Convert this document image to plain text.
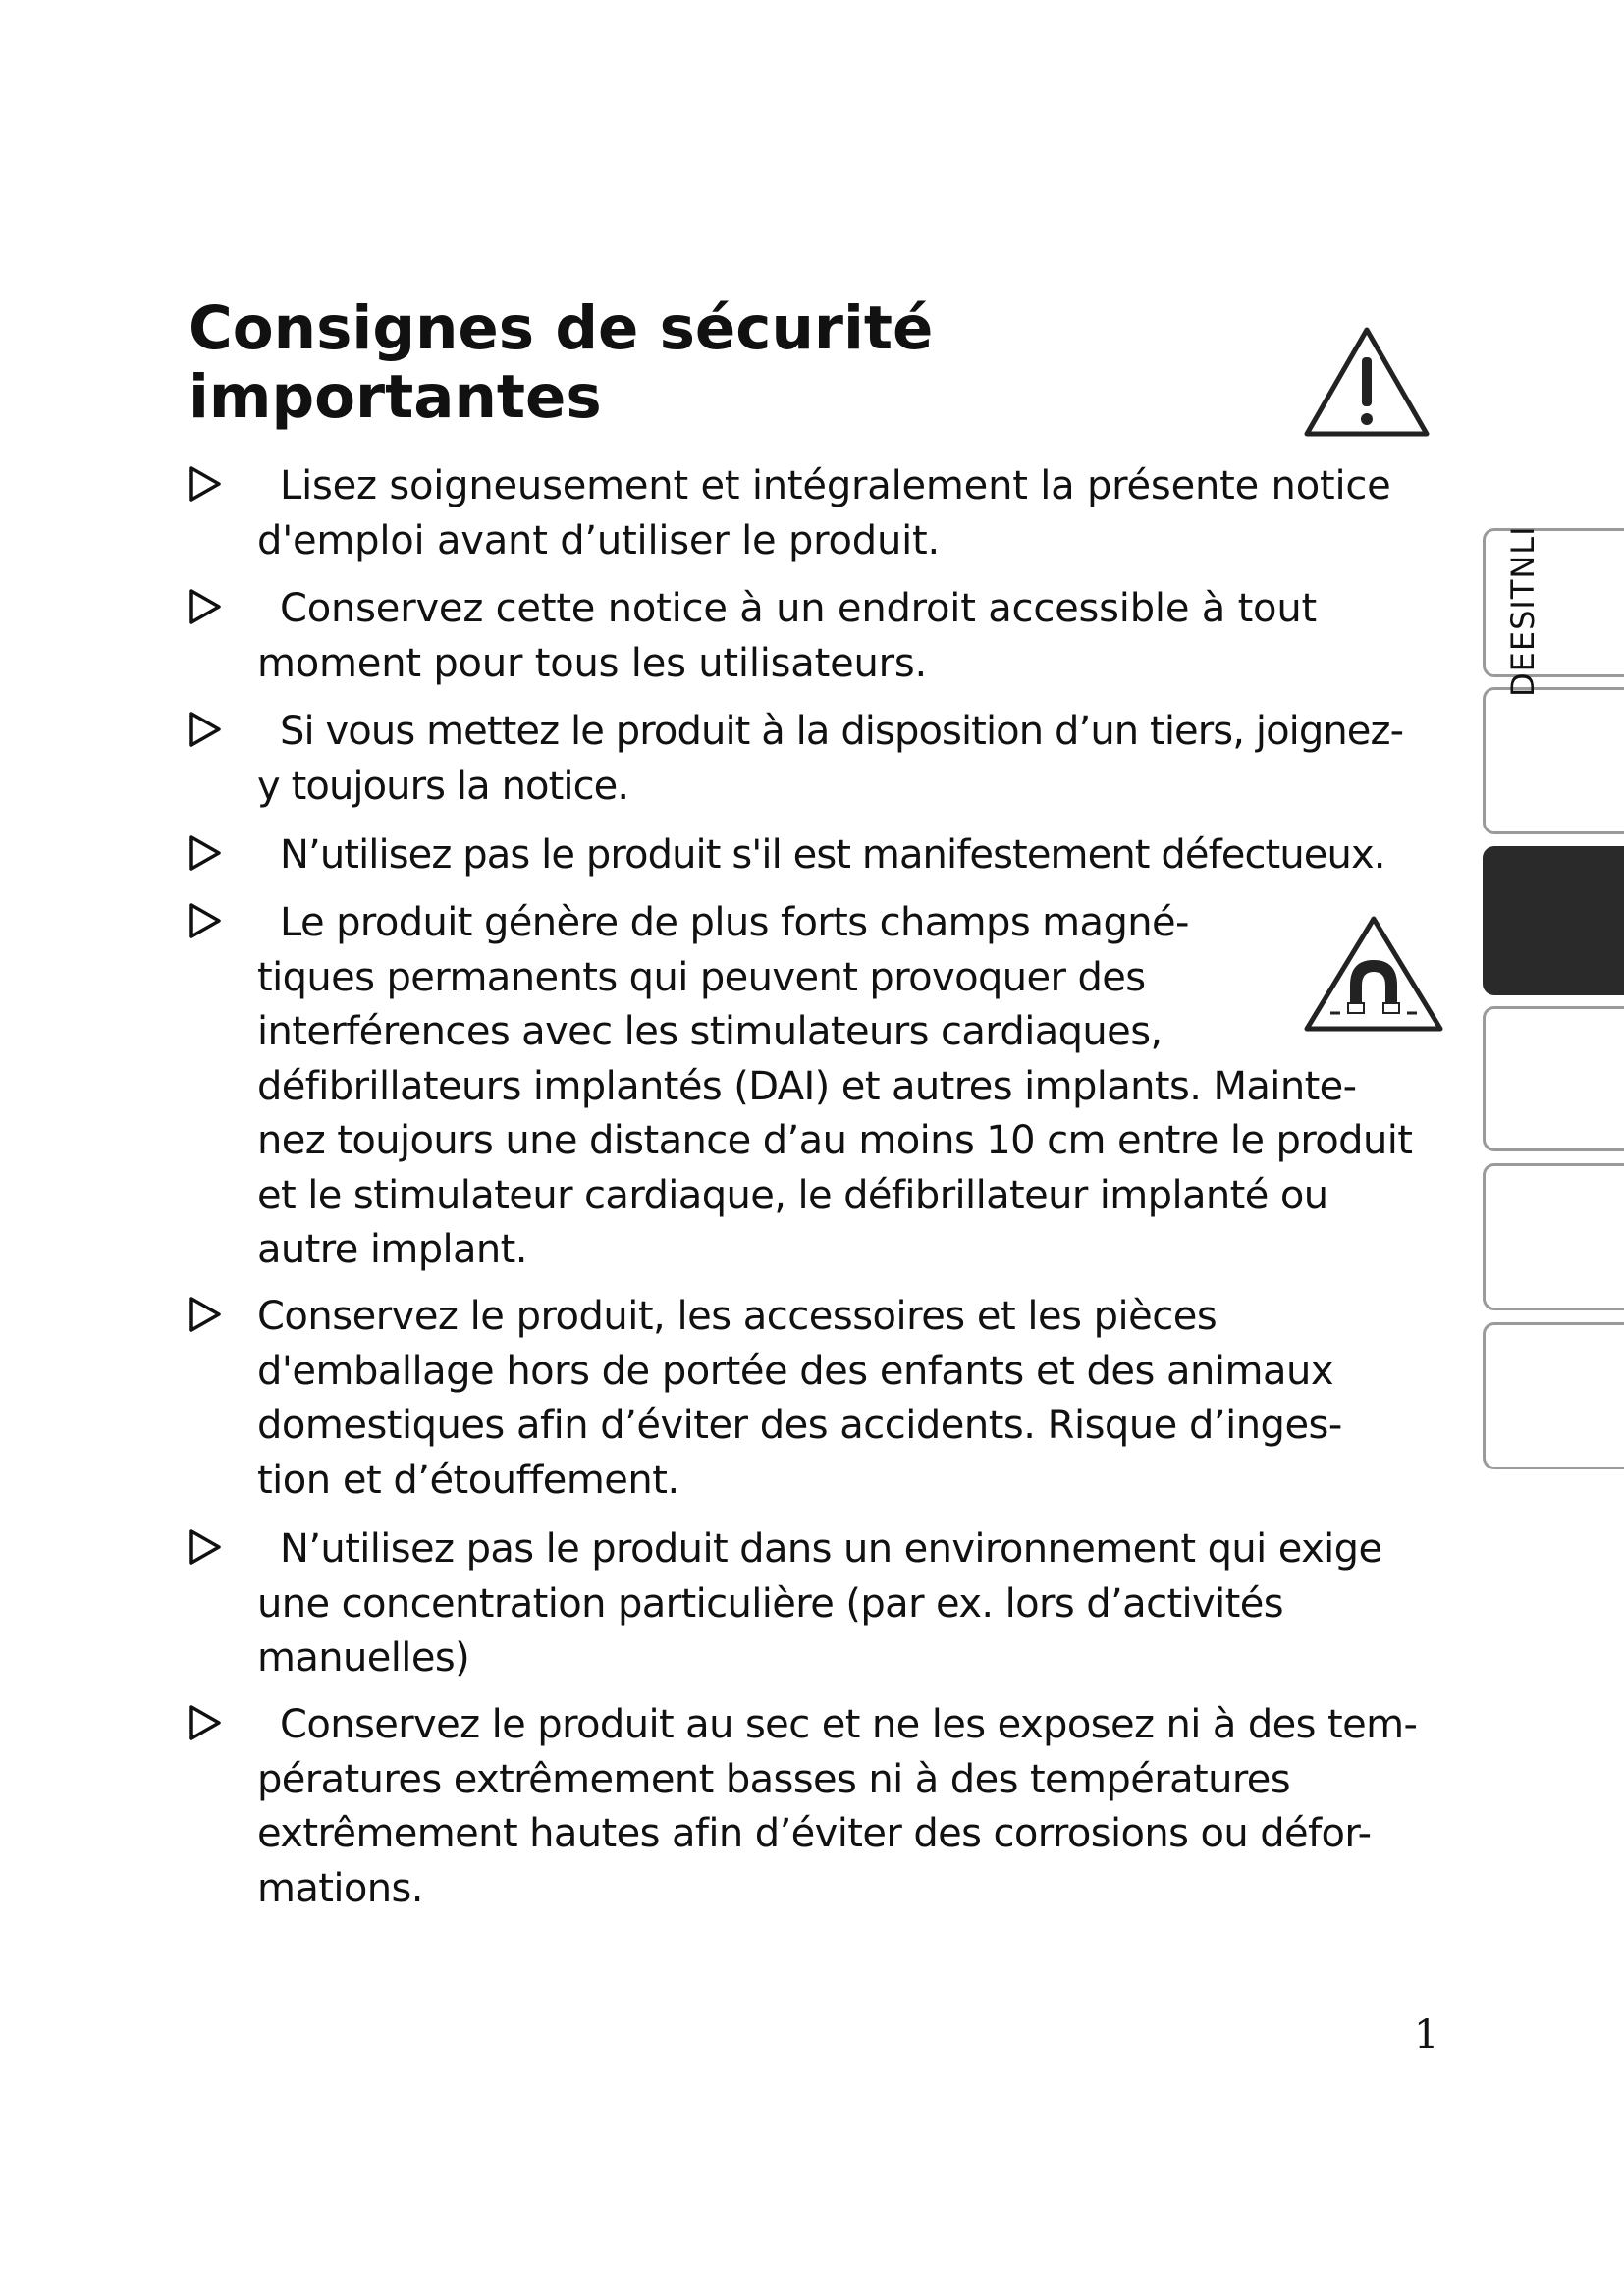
Consignes de sécurité
importantes

Lisez soigneusement et intégralement la présente notice
d'emploi avant d’utiliser le produit.

Conservez cette notice à un endroit accessible à tout
moment pour tous les utilisateurs.

Si vous mettez le produit à la disposition d’un tiers, joignez-
y toujours la notice.

N’utilisez pas le produit s'il est manifestement défectueux.

Le produit génère de plus forts champs magné-
tiques permanents qui peuvent provoquer des
interférences avec les stimulateurs cardiaques,
défibrillateurs implantés (DAI) et autres implants. Mainte-
nez toujours une distance d’au moins 10 cm entre le produit
et le stimulateur cardiaque, le défibrillateur implanté ou
autre implant.

Conservez le produit, les accessoires et les pièces
d'emballage hors de portée des enfants et des animaux
domestiques afin d’éviter des accidents. Risque d’inges-
tion et d’étouffement.

N’utilisez pas le produit dans un environnement qui exige
une concentration particulière (par ex. lors d’activités
manuelles)

Conservez le produit au sec et ne les exposez ni à des tem-
pératures extrêmement basses ni à des températures
extrêmement hautes afin d’éviter des corrosions ou défor-
mations.

DEESITNLI
1
